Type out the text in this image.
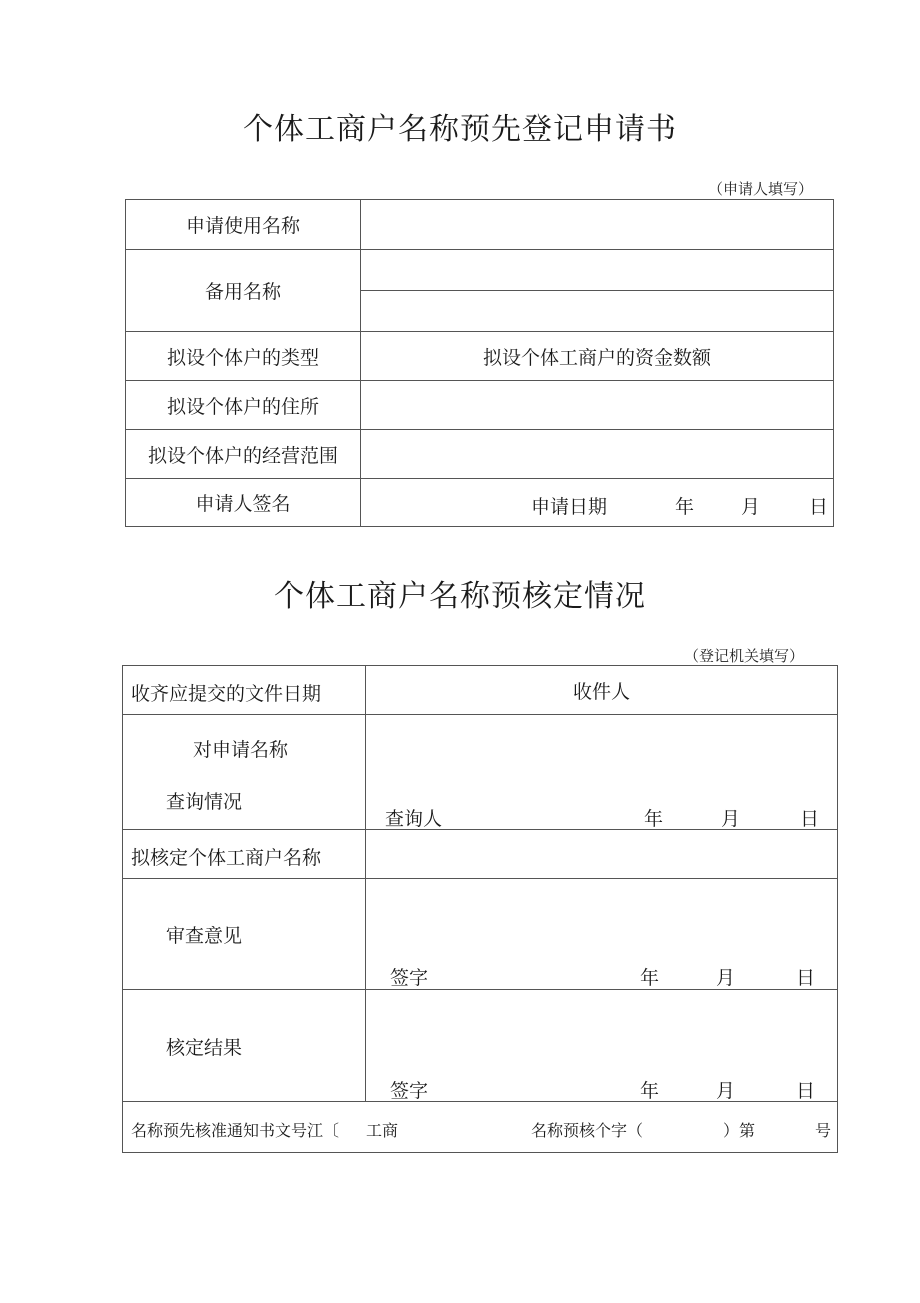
个体工商户名称预先登记申请书
（申请人填写）
申请使用名称	
备用名称	

拟设个体户的类型	拟设个体工商户的资金数额
拟设个体户的住所	
拟设个体户的经营范围	
申请人签名	申请日期 年 月 日
个体工商户名称预核定情况
（登记机关填写）
收齐应提交的文件日期	收件人

对申请名称
查询情况	查询人 年 月 日

拟核定个体工商户名称	

审查意见	签字 年 月 日

核定结果	签字 年 月 日

名称预先核准通知书文号江〔 工商 名称预核个字（ ）第 号	
